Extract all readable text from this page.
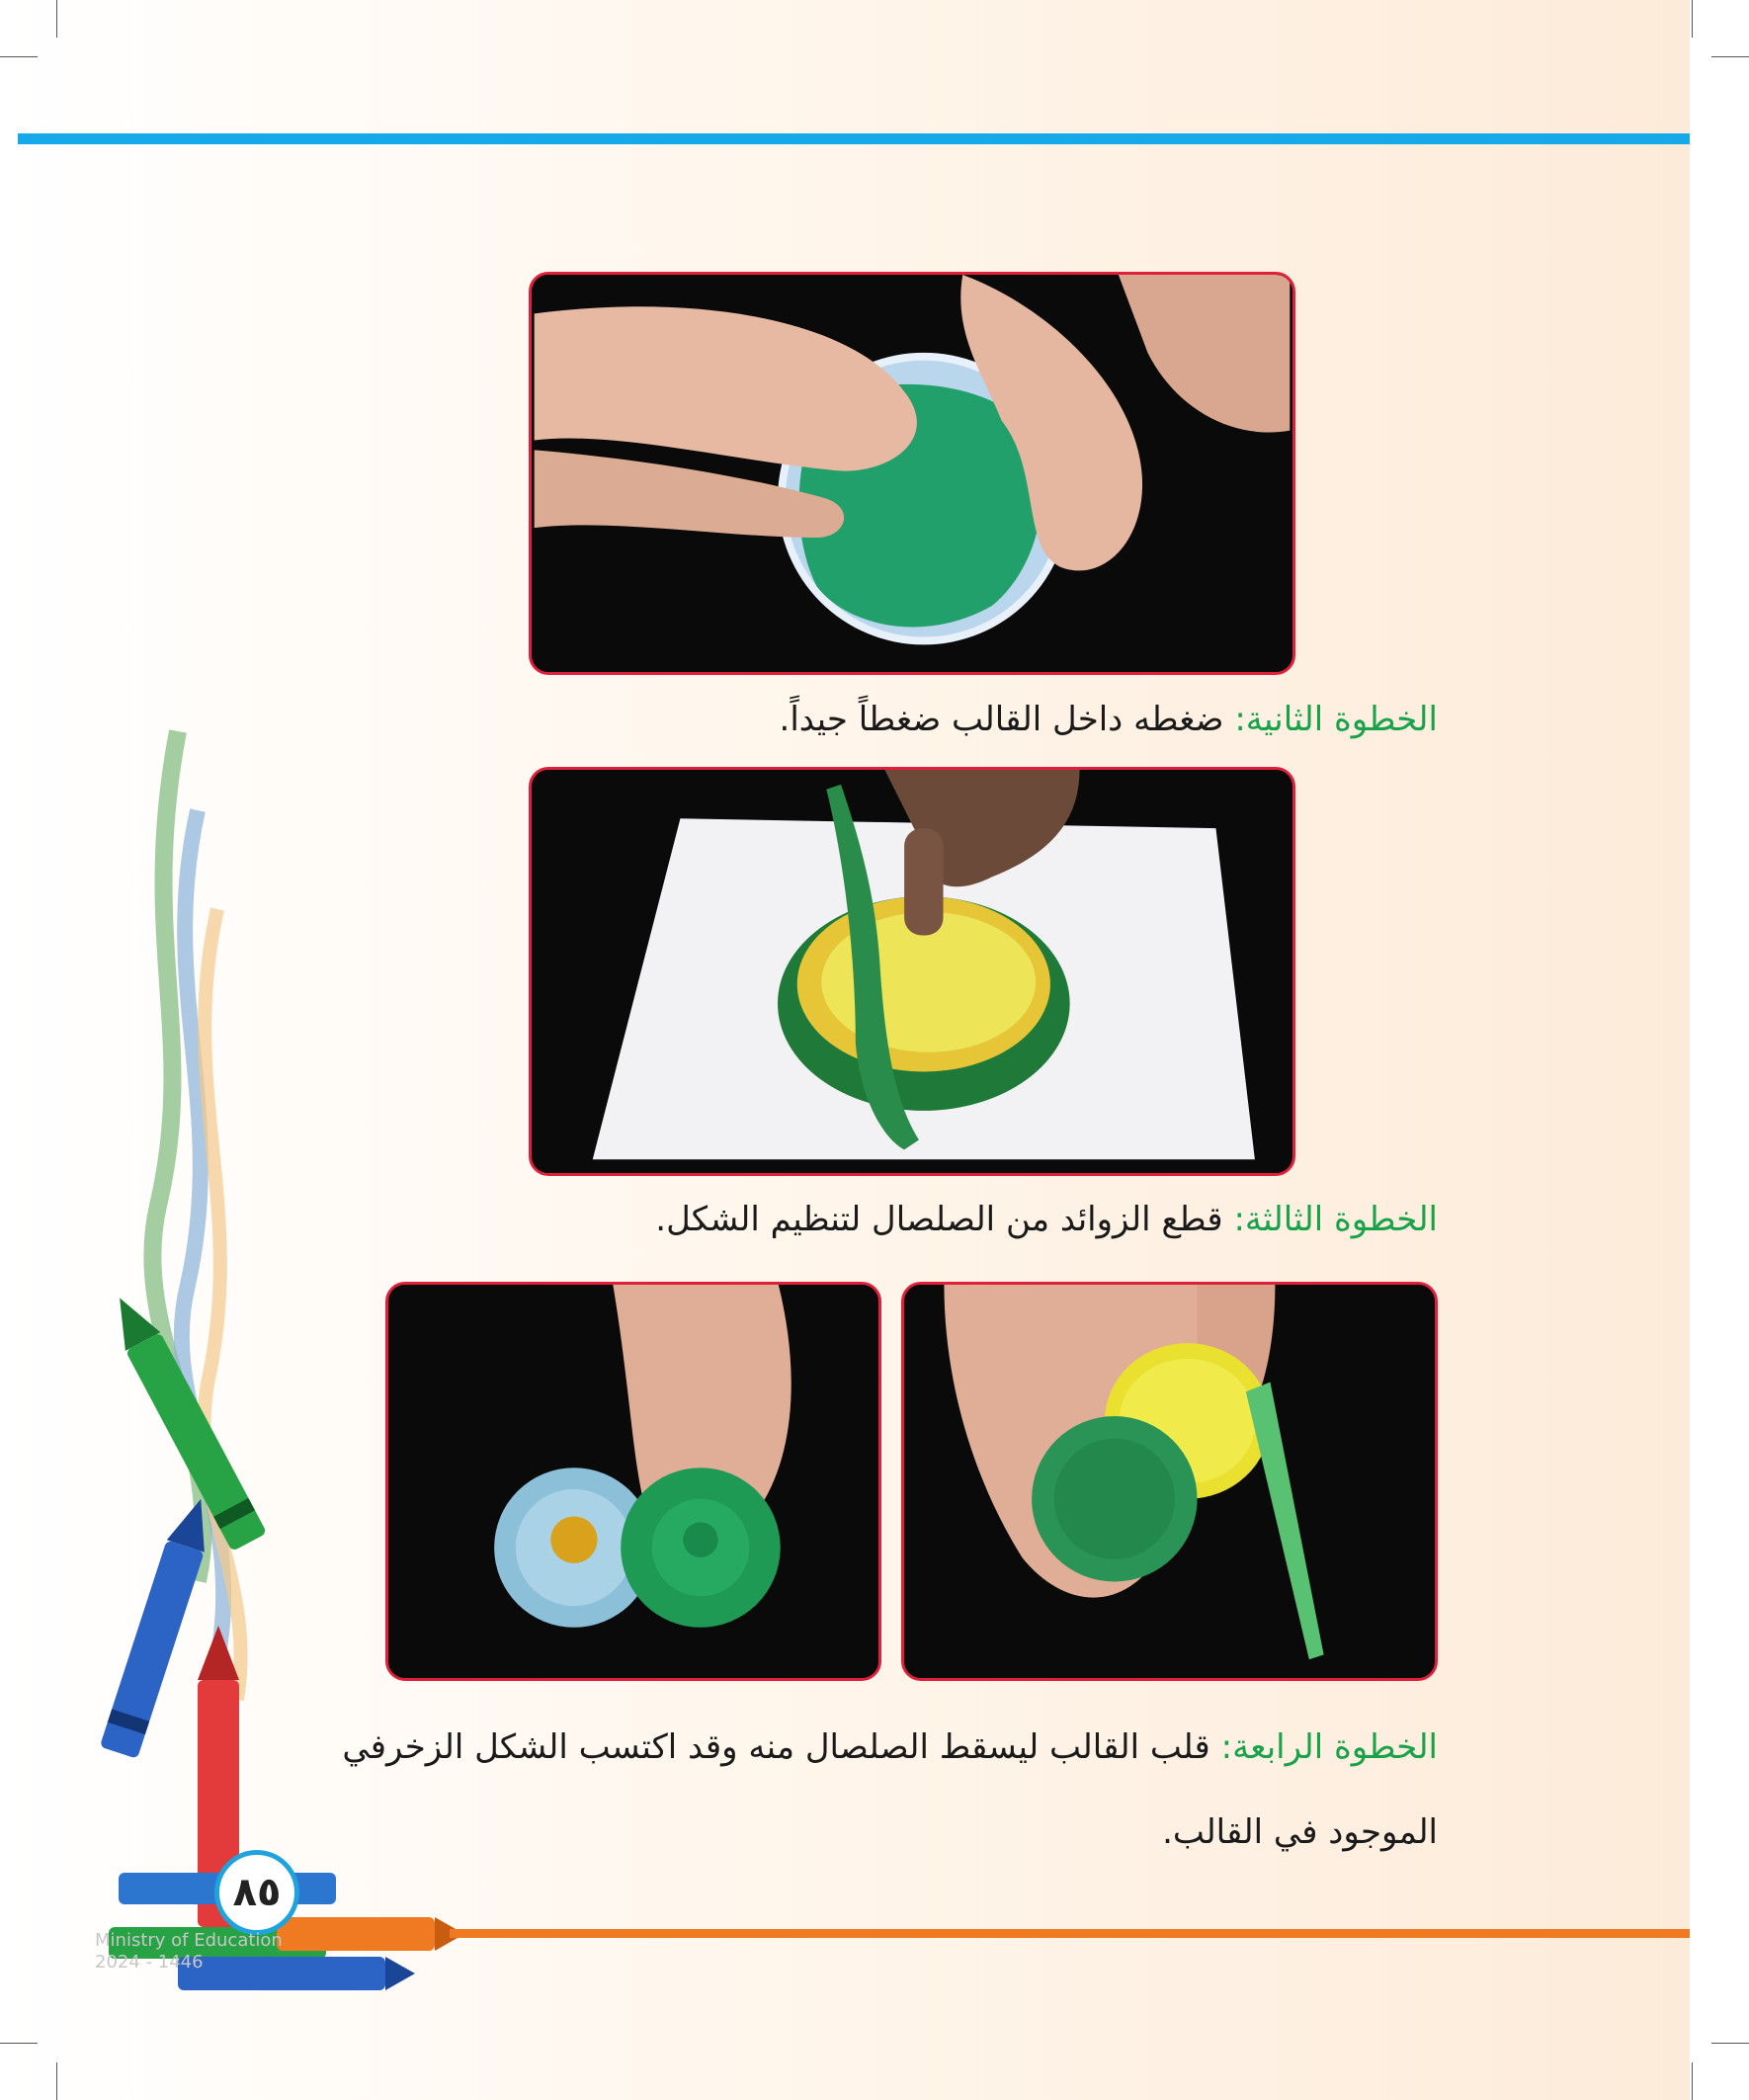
٨٥
Ministry of Education
2024 - 1446
الخطوة الثانية: ضغطه داخل القالب ضغطاً جيداً.
الخطوة الثالثة: قطع الزوائد من الصلصال لتنظيم الشكل.
الخطوة الرابعة: قلب القالب ليسقط الصلصال منه وقد اكتسب الشكل الزخرفي الموجود في القالب.
